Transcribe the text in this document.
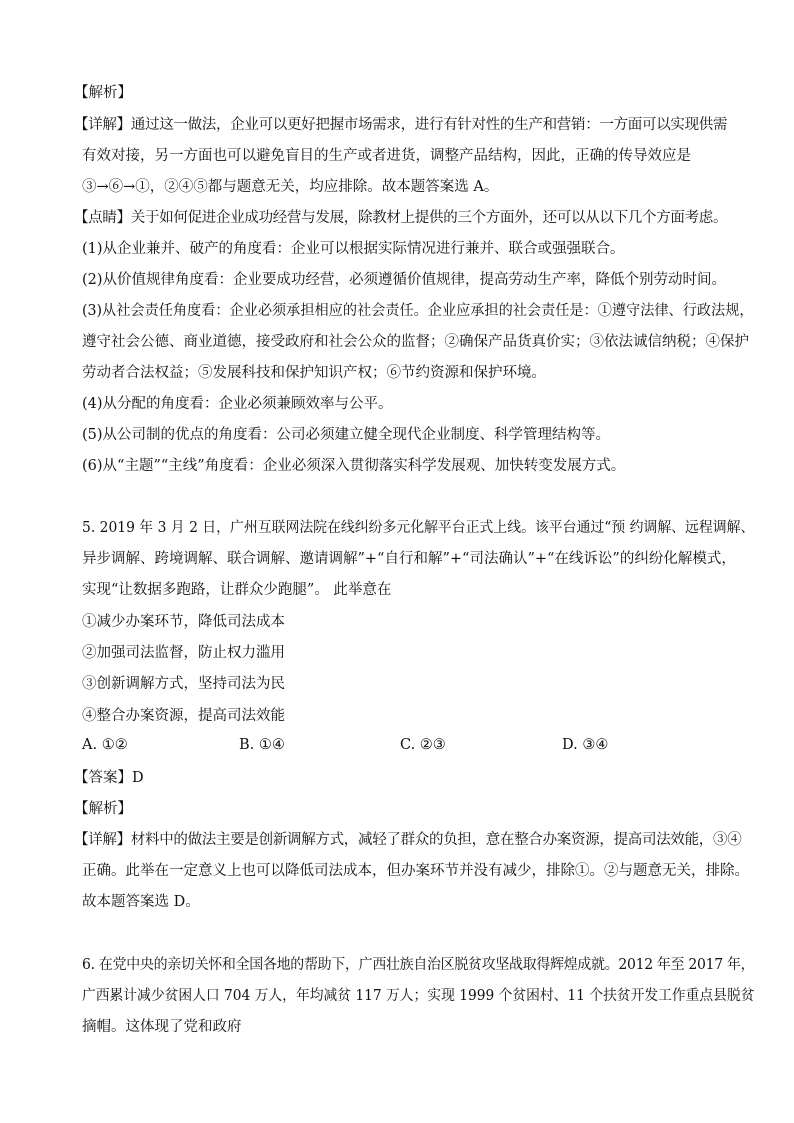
【解析】
【详解】通过这一做法，企业可以更好把握市场需求，进行有针对性的生产和营销：一方面可以实现供需
有效对接，另一方面也可以避免盲目的生产或者进货，调整产品结构，因此，正确的传导效应是
③→⑥→①，②④⑤都与题意无关，均应排除。故本题答案选 A。
【点睛】关于如何促进企业成功经营与发展，除教材上提供的三个方面外，还可以从以下几个方面考虑。
(1)从企业兼并、破产的角度看：企业可以根据实际情况进行兼并、联合或强强联合。
(2)从价值规律角度看：企业要成功经营，必须遵循价值规律，提高劳动生产率，降低个别劳动时间。
(3)从社会责任角度看：企业必须承担相应的社会责任。企业应承担的社会责任是：①遵守法律、行政法规，
遵守社会公德、商业道德，接受政府和社会公众的监督；②确保产品货真价实；③依法诚信纳税；④保护
劳动者合法权益；⑤发展科技和保护知识产权；⑥节约资源和保护环境。
(4)从分配的角度看：企业必须兼顾效率与公平。
(5)从公司制的优点的角度看：公司必须建立健全现代企业制度、科学管理结构等。
(6)从“主题”“主线”角度看：企业必须深入贯彻落实科学发展观、加快转变发展方式。
5. 2019 年 3 月 2 日，广州互联网法院在线纠纷多元化解平台正式上线。该平台通过“预 约调解、远程调解、
异步调解、跨境调解、联合调解、邀请调解”+“自行和解”+“司法确认”+“在线诉讼”的纠纷化解模式，
实现“让数据多跑路，让群众少跑腿”。 此举意在
①减少办案环节，降低司法成本
②加强司法监督，防止权力滥用
③创新调解方式，坚持司法为民
④整合办案资源，提高司法效能
A. ①②	B. ①④	C. ②③	D. ③④
【答案】D
【解析】
【详解】材料中的做法主要是创新调解方式，减轻了群众的负担，意在整合办案资源，提高司法效能，③④
正确。此举在一定意义上也可以降低司法成本，但办案环节并没有减少，排除①。②与题意无关，排除。
故本题答案选 D。
6. 在党中央的亲切关怀和全国各地的帮助下，广西壮族自治区脱贫攻坚战取得辉煌成就。2012 年至 2017 年，
广西累计减少贫困人口 704 万人，年均减贫 117 万人；实现 1999 个贫困村、11 个扶贫开发工作重点县脱贫
摘帽。这体现了党和政府
